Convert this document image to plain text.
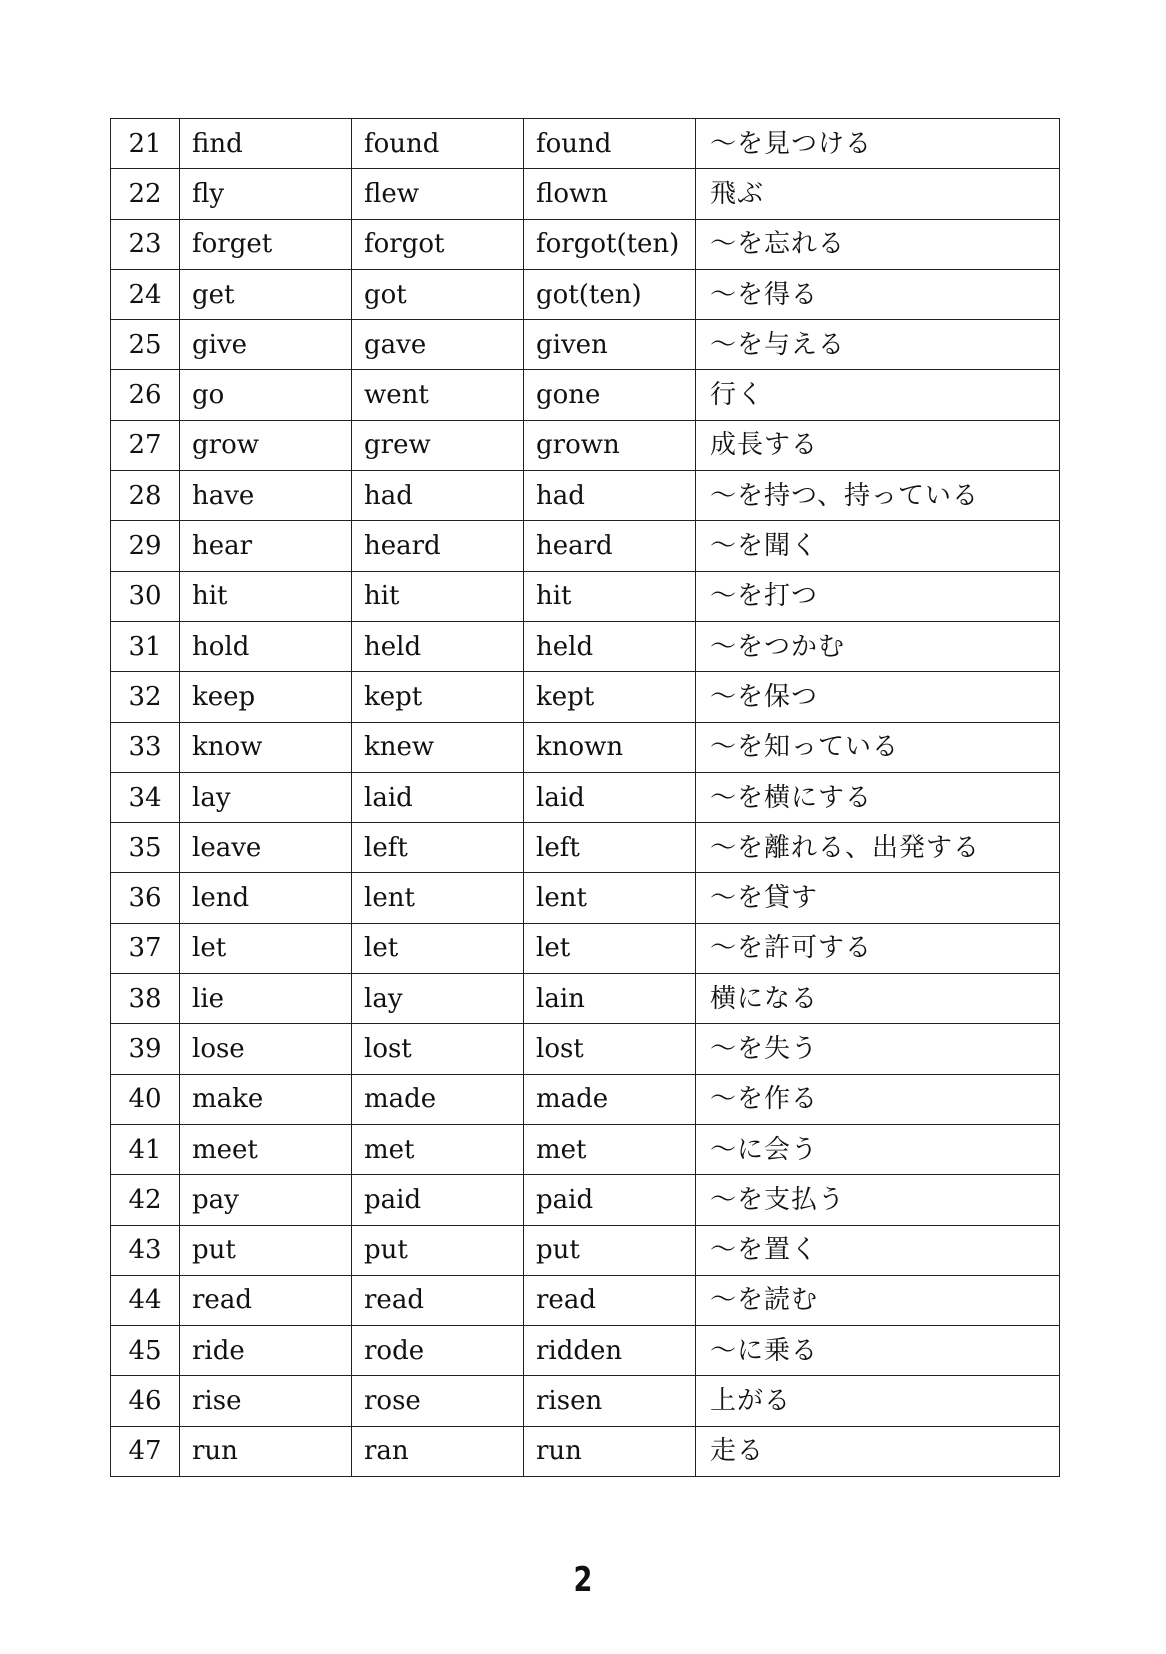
21	find	found	found	〜を見つける
22	fly	flew	flown	飛ぶ
23	forget	forgot	forgot(ten)	〜を忘れる
24	get	got	got(ten)	〜を得る
25	give	gave	given	〜を与える
26	go	went	gone	行く
27	grow	grew	grown	成長する
28	have	had	had	〜を持つ、持っている
29	hear	heard	heard	〜を聞く
30	hit	hit	hit	〜を打つ
31	hold	held	held	〜をつかむ
32	keep	kept	kept	〜を保つ
33	know	knew	known	〜を知っている
34	lay	laid	laid	〜を横にする
35	leave	left	left	〜を離れる、出発する
36	lend	lent	lent	〜を貸す
37	let	let	let	〜を許可する
38	lie	lay	lain	横になる
39	lose	lost	lost	〜を失う
40	make	made	made	〜を作る
41	meet	met	met	〜に会う
42	pay	paid	paid	〜を支払う
43	put	put	put	〜を置く
44	read	read	read	〜を読む
45	ride	rode	ridden	〜に乗る
46	rise	rose	risen	上がる
47	run	ran	run	走る
2
